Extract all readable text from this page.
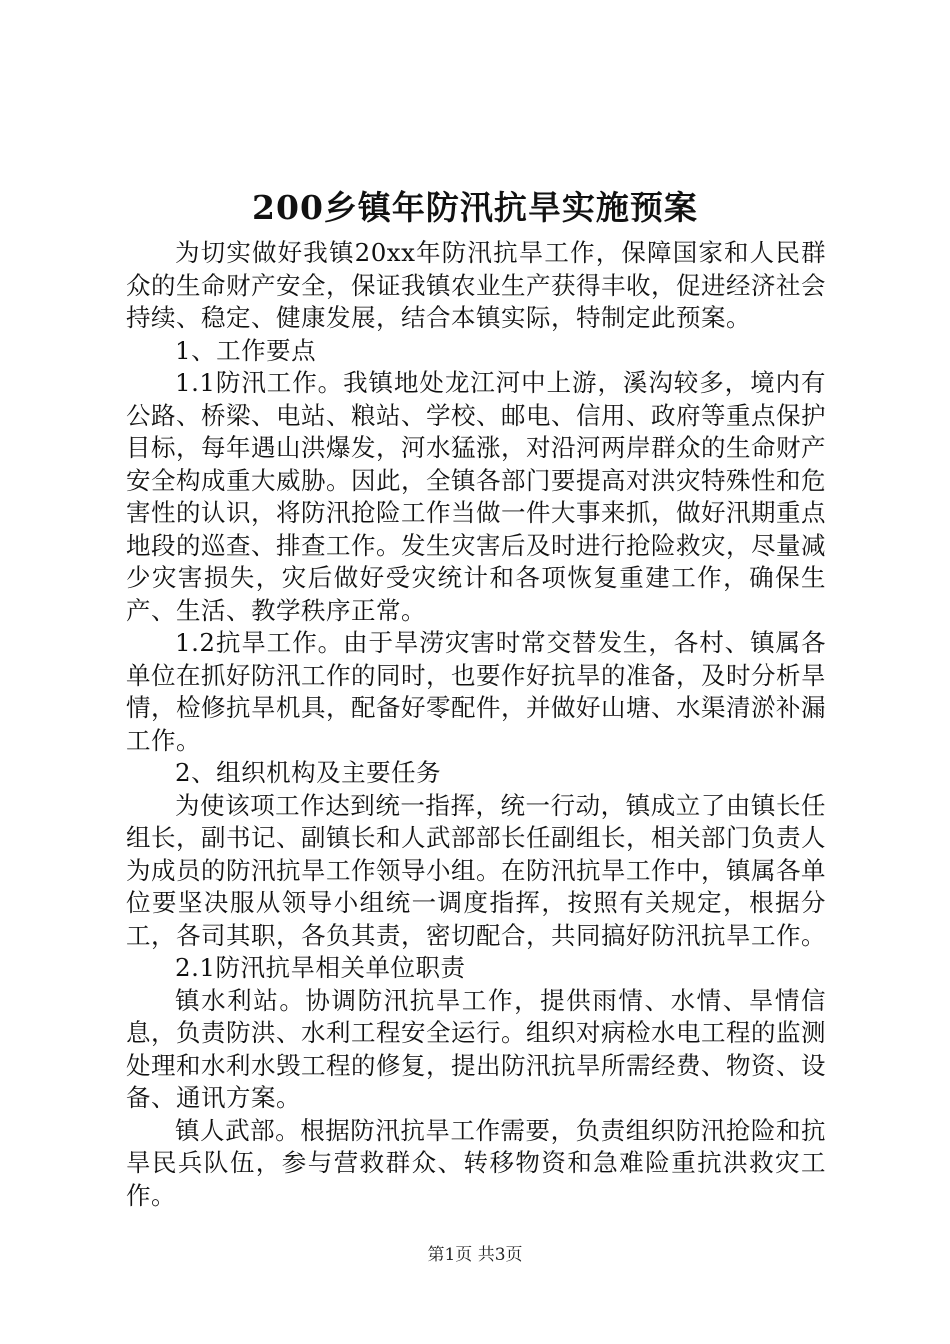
200乡镇年防汛抗旱实施预案

为切实做好我镇20xx年防汛抗旱工作，保障国家和人民群众的生命财产安全，保证我镇农业生产获得丰收，促进经济社会持续、稳定、健康发展，结合本镇实际，特制定此预案。

1、工作要点

1.1防汛工作。我镇地处龙江河中上游，溪沟较多，境内有公路、桥梁、电站、粮站、学校、邮电、信用、政府等重点保护目标，每年遇山洪爆发，河水猛涨，对沿河两岸群众的生命财产安全构成重大威胁。因此，全镇各部门要提高对洪灾特殊性和危害性的认识，将防汛抢险工作当做一件大事来抓，做好汛期重点地段的巡查、排查工作。发生灾害后及时进行抢险救灾，尽量减少灾害损失，灾后做好受灾统计和各项恢复重建工作，确保生产、生活、教学秩序正常。

1.2抗旱工作。由于旱涝灾害时常交替发生，各村、镇属各单位在抓好防汛工作的同时，也要作好抗旱的准备，及时分析旱情，检修抗旱机具，配备好零配件，并做好山塘、水渠清淤补漏工作。

2、组织机构及主要任务

为使该项工作达到统一指挥，统一行动，镇成立了由镇长任组长，副书记、副镇长和人武部部长任副组长，相关部门负责人为成员的防汛抗旱工作领导小组。在防汛抗旱工作中，镇属各单位要坚决服从领导小组统一调度指挥，按照有关规定，根据分工，各司其职，各负其责，密切配合，共同搞好防汛抗旱工作。

2.1防汛抗旱相关单位职责

镇水利站。协调防汛抗旱工作，提供雨情、水情、旱情信息，负责防洪、水利工程安全运行。组织对病检水电工程的监测处理和水利水毁工程的修复，提出防汛抗旱所需经费、物资、设备、通讯方案。

镇人武部。根据防汛抗旱工作需要，负责组织防汛抢险和抗旱民兵队伍，参与营救群众、转移物资和急难险重抗洪救灾工作。

第1页 共3页
